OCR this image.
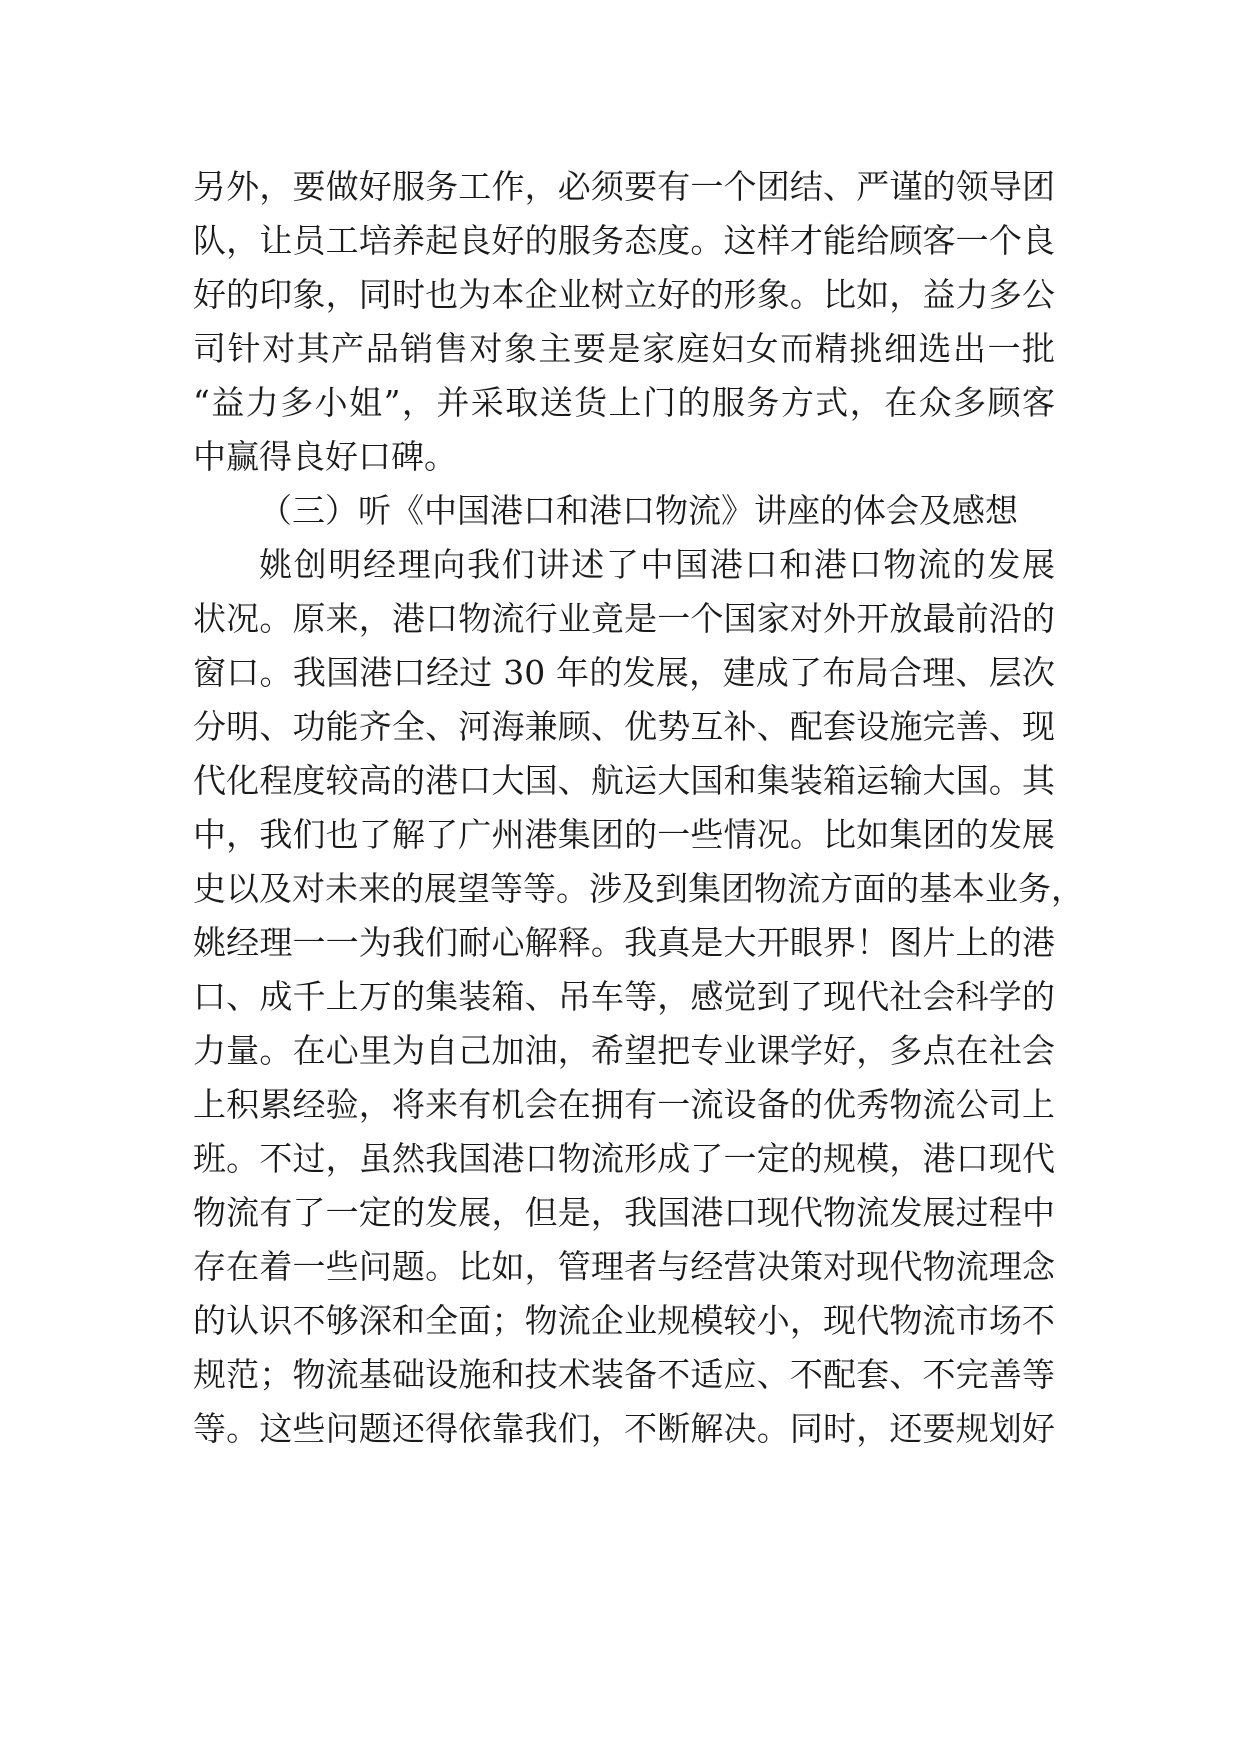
另外，要做好服务工作，必须要有一个团结、严谨的领导团
队，让员工培养起良好的服务态度。这样才能给顾客一个良
好的印象，同时也为本企业树立好的形象。比如，益力多公
司针对其产品销售对象主要是家庭妇女而精挑细选出一批
“益力多小姐”，并采取送货上门的服务方式，在众多顾客
中赢得良好口碑。
（三）听《中国港口和港口物流》讲座的体会及感想
姚创明经理向我们讲述了中国港口和港口物流的发展
状况。原来，港口物流行业竟是一个国家对外开放最前沿的
窗口。我国港口经过 30 年的发展，建成了布局合理、层次
分明、功能齐全、河海兼顾、优势互补、配套设施完善、现
代化程度较高的港口大国、航运大国和集装箱运输大国。其
中，我们也了解了广州港集团的一些情况。比如集团的发展
史以及对未来的展望等等。涉及到集团物流方面的基本业务，
姚经理一一为我们耐心解释。我真是大开眼界！图片上的港
口、成千上万的集装箱、吊车等，感觉到了现代社会科学的
力量。在心里为自己加油，希望把专业课学好，多点在社会
上积累经验，将来有机会在拥有一流设备的优秀物流公司上
班。不过，虽然我国港口物流形成了一定的规模，港口现代
物流有了一定的发展，但是，我国港口现代物流发展过程中
存在着一些问题。比如，管理者与经营决策对现代物流理念
的认识不够深和全面；物流企业规模较小，现代物流市场不
规范；物流基础设施和技术装备不适应、不配套、不完善等
等。这些问题还得依靠我们，不断解决。同时，还要规划好
